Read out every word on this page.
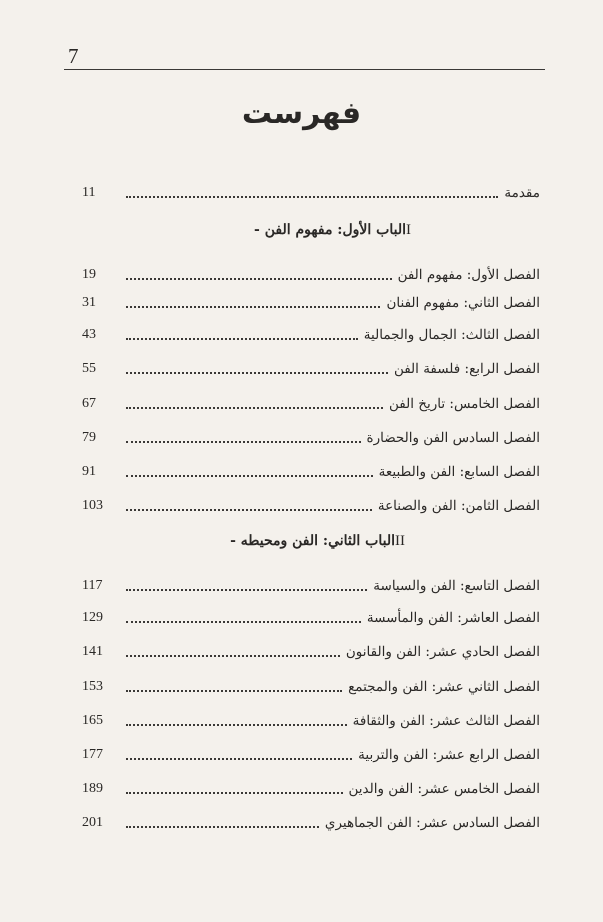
7
فهرست
مقدمة
11
- الباب الأول: مفهوم الفنI
الفصل الأول: مفهوم الفن
19
الفصل الثاني: مفهوم الفنان
31
الفصل الثالث: الجمال والجمالية
43
الفصل الرابع: فلسفة الفن
55
الفصل الخامس: تاريخ الفن
67
الفصل السادس الفن والحضارة
79
الفصل السابع: الفن والطبيعة
91
الفصل الثامن: الفن والصناعة
103
- الباب الثاني: الفن ومحيطهII
الفصل التاسع: الفن والسياسة
117
الفصل العاشر: الفن والمأسسة
129
الفصل الحادي عشر: الفن والقانون
141
الفصل الثاني عشر: الفن والمجتمع
153
الفصل الثالث عشر: الفن والثقافة
165
الفصل الرابع عشر: الفن والتربية
177
الفصل الخامس عشر: الفن والدين
189
الفصل السادس عشر: الفن الجماهيري
201
